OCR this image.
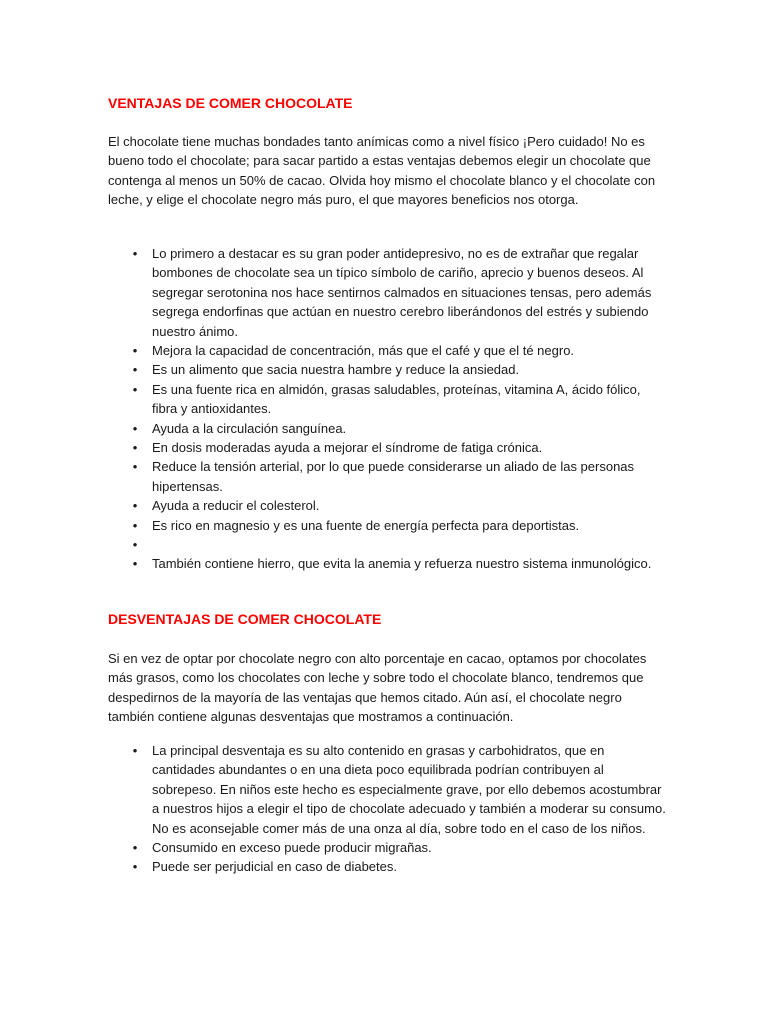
VENTAJAS DE COMER CHOCOLATE

El chocolate tiene muchas bondades tanto anímicas como a nivel físico ¡Pero cuidado! No es bueno todo el chocolate; para sacar partido a estas ventajas debemos elegir un chocolate que contenga al menos un 50% de cacao. Olvida hoy mismo el chocolate blanco y el chocolate con leche, y elige el chocolate negro más puro, el que mayores beneficios nos otorga.

•	Lo primero a destacar es su gran poder antidepresivo, no es de extrañar que regalar bombones de chocolate sea un típico símbolo de cariño, aprecio y buenos deseos. Al segregar serotonina nos hace sentirnos calmados en situaciones tensas, pero además segrega endorfinas que actúan en nuestro cerebro liberándonos del estrés y subiendo nuestro ánimo.
•	Mejora la capacidad de concentración, más que el café y que el té negro.
•	Es un alimento que sacia nuestra hambre y reduce la ansiedad.
•	Es una fuente rica en almidón, grasas saludables, proteínas, vitamina A, ácido fólico, fibra y antioxidantes.
•	Ayuda a la circulación sanguínea.
•	En dosis moderadas ayuda a mejorar el síndrome de fatiga crónica.
•	Reduce la tensión arterial, por lo que puede considerarse un aliado de las personas hipertensas.
•	Ayuda a reducir el colesterol.
•	Es rico en magnesio y es una fuente de energía perfecta para deportistas.
•
•	También contiene hierro, que evita la anemia y refuerza nuestro sistema inmunológico.
DESVENTAJAS DE COMER CHOCOLATE

Si en vez de optar por chocolate negro con alto porcentaje en cacao, optamos por chocolates más grasos, como los chocolates con leche y sobre todo el chocolate blanco, tendremos que despedirnos de la mayoría de las ventajas que hemos citado. Aún así, el chocolate negro también contiene algunas desventajas que mostramos a continuación.

•	La principal desventaja es su alto contenido en grasas y carbohidratos, que en cantidades abundantes o en una dieta poco equilibrada podrían contribuyen al sobrepeso. En niños este hecho es especialmente grave, por ello debemos acostumbrar a nuestros hijos a elegir el tipo de chocolate adecuado y también a moderar su consumo. No es aconsejable comer más de una onza al día, sobre todo en el caso de los niños.
•	Consumido en exceso puede producir migrañas.
•	Puede ser perjudicial en caso de diabetes.
